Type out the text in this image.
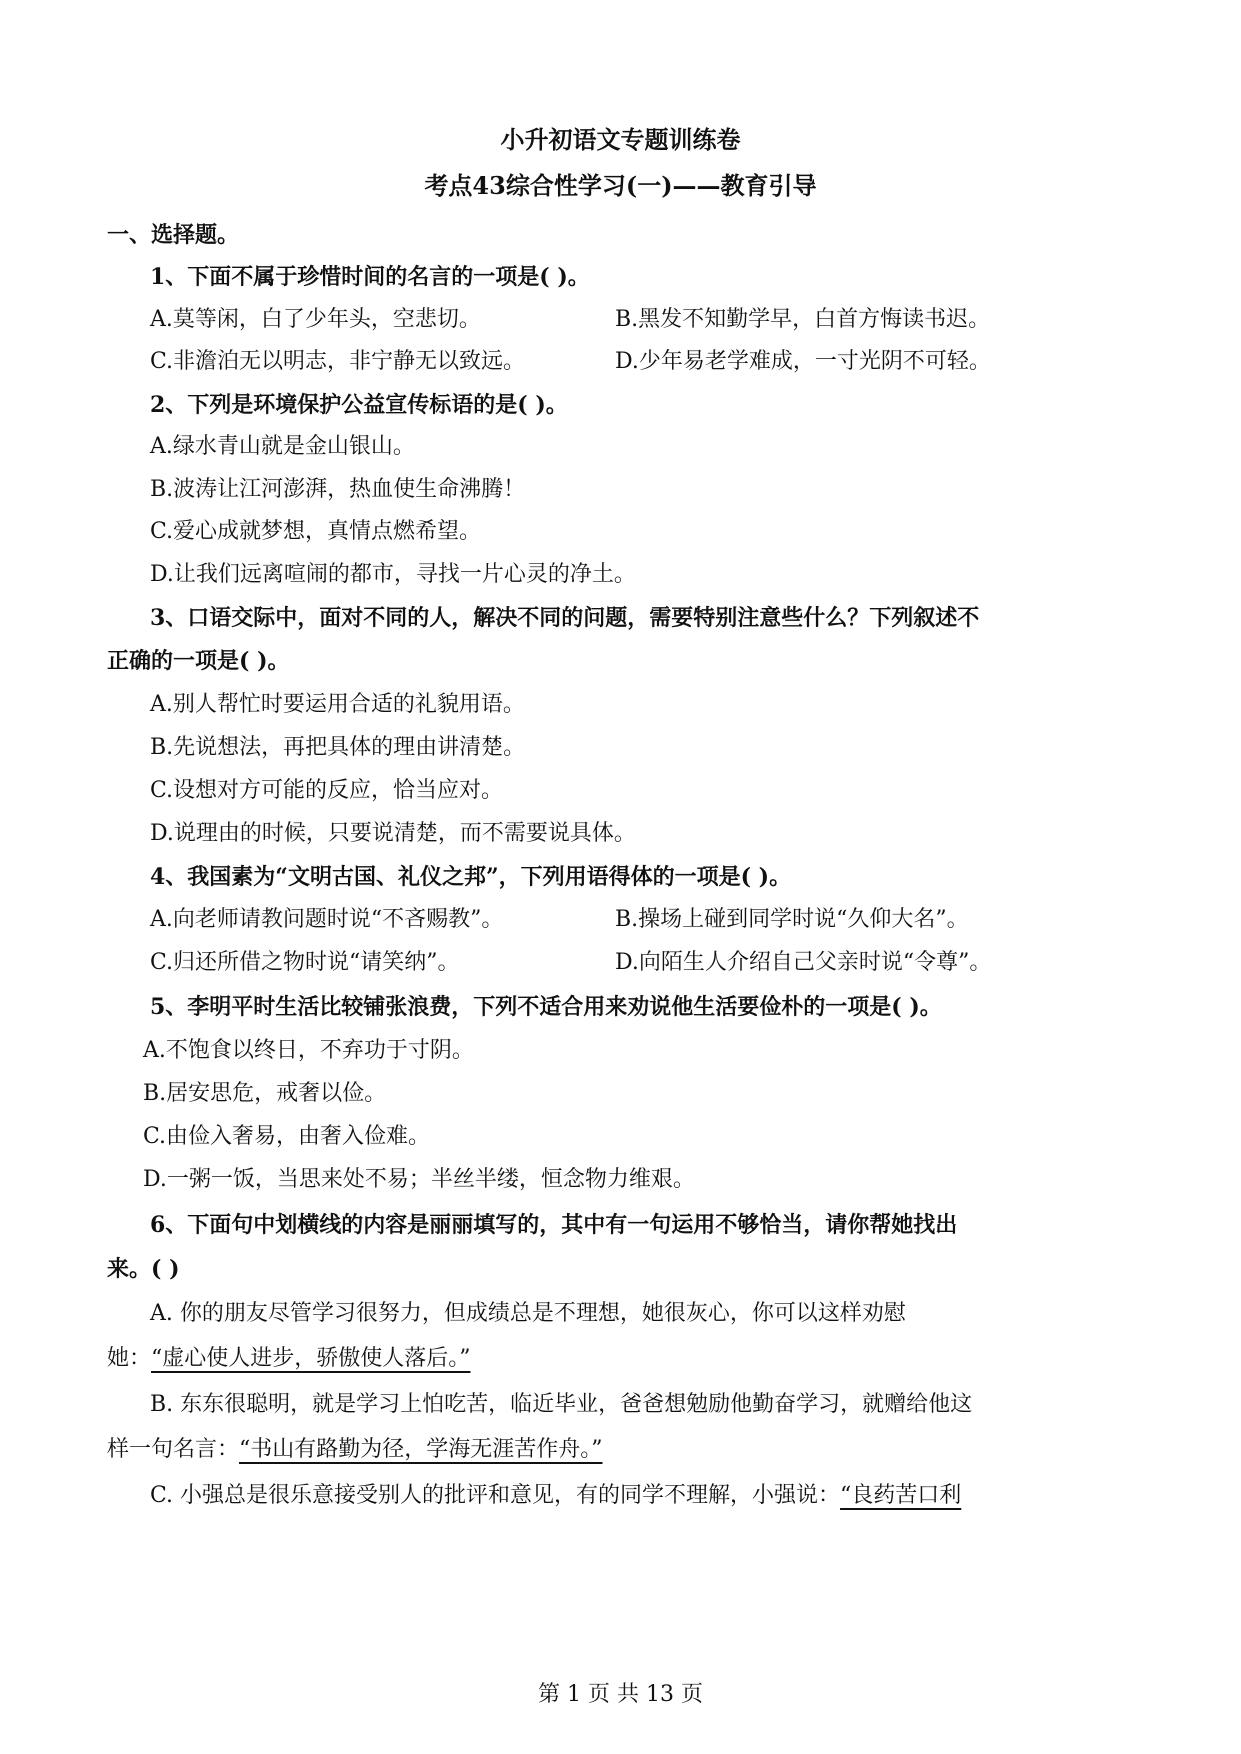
小升初语文专题训练卷
考点43综合性学习(一)——教育引导
一、选择题。
1、下面不属于珍惜时间的名言的一项是( )。
A.莫等闲，白了少年头，空悲切。	B.黑发不知勤学早，白首方悔读书迟。
C.非澹泊无以明志，非宁静无以致远。	D.少年易老学难成，一寸光阴不可轻。
2、下列是环境保护公益宣传标语的是( )。
A.绿水青山就是金山银山。
B.波涛让江河澎湃，热血使生命沸腾！
C.爱心成就梦想，真情点燃希望。
D.让我们远离喧闹的都市，寻找一片心灵的净土。
3、口语交际中，面对不同的人，解决不同的问题，需要特别注意些什么？下列叙述不
正确的一项是( )。
A.别人帮忙时要运用合适的礼貌用语。
B.先说想法，再把具体的理由讲清楚。
C.设想对方可能的反应，恰当应对。
D.说理由的时候，只要说清楚，而不需要说具体。
4、我国素为“文明古国、礼仪之邦”，下列用语得体的一项是( )。
A.向老师请教问题时说“不吝赐教”。	B.操场上碰到同学时说“久仰大名”。
C.归还所借之物时说“请笑纳”。	D.向陌生人介绍自己父亲时说“令尊”。
5、李明平时生活比较铺张浪费，下列不适合用来劝说他生活要俭朴的一项是( )。
A.不饱食以终日，不弃功于寸阴。
B.居安思危，戒奢以俭。
C.由俭入奢易，由奢入俭难。
D.一粥一饭，当思来处不易；半丝半缕，恒念物力维艰。
6、下面句中划横线的内容是丽丽填写的，其中有一句运用不够恰当，请你帮她找出
来。( )
A. 你的朋友尽管学习很努力，但成绩总是不理想，她很灰心，你可以这样劝慰
她：“虚心使人进步，骄傲使人落后。”
B. 东东很聪明，就是学习上怕吃苦，临近毕业，爸爸想勉励他勤奋学习，就赠给他这
样一句名言：“书山有路勤为径，学海无涯苦作舟。”
C. 小强总是很乐意接受别人的批评和意见，有的同学不理解，小强说：“良药苦口利
第 1 页 共 13 页
